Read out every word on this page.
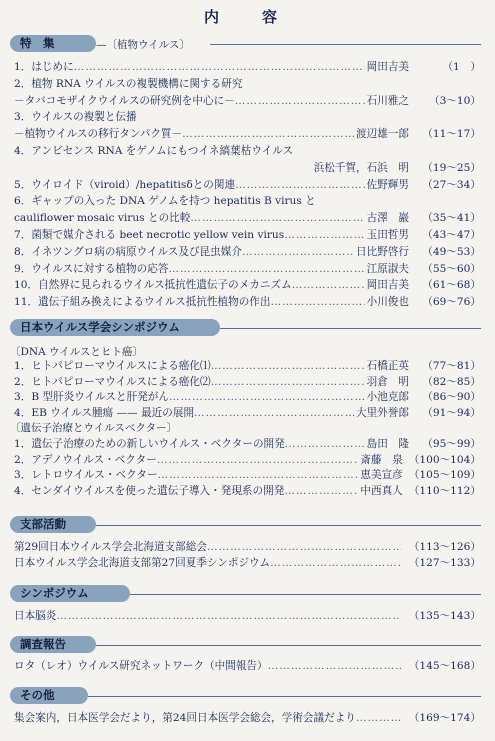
内　容
特　集	—〔植物ウイルス〕
1．はじめに ………………………………………………………………………………………………………………………………………………………………	岡田吉美	（1　）
2．植物 RNA ウイルスの複製機構に関する研究
－タバコモザイクウイルスの研究例を中心に－ ………………………………………………………………………………………………………………………………………………………………	石川雅之	（3～10）
3．ウイルスの複製と伝播
－植物ウイルスの移行タンパク質－ ………………………………………………………………………………………………………………………………………………………………	渡辺雄一郎	（11～17）
4．アンビセンス RNA をゲノムにもつイネ縞葉枯ウイルス
浜松千賀，石浜　明	（19～25）
5．ウイロイド（viroid）/hepatitisδとの関連 ………………………………………………………………………………………………………………………………………………………………	佐野輝男	（27～34）
6．ギャップの入った DNA ゲノムを持つ hepatitis B virus と
cauliflower mosaic virus との比較 ………………………………………………………………………………………………………………………………………………………………	古澤　巖	（35～41）
7．菌類で媒介される beet necrotic yellow vein virus ………………………………………………………………………………………………………………………………………………………………	玉田哲男	（43～47）
8．イネツングロ病の病原ウイルス及び昆虫媒介 ………………………………………………………………………………………………………………………………………………………………	日比野啓行	（49～53）
9．ウイルスに対する植物の応答 ………………………………………………………………………………………………………………………………………………………………	江原淑夫	（55～60）
10．自然界に見られるウイルス抵抗性遺伝子のメカニズム ………………………………………………………………………………………………………………………………………………………………	岡田吉美	（61～68）
11．遺伝子組み換えによるウイルス抵抗性植物の作出 ………………………………………………………………………………………………………………………………………………………………	小川俊也	（69～76）
日本ウイルス学会シンポジウム
〔DNA ウイルスとヒト癌〕
1．ヒトパピローマウイルスによる癌化⑴ ………………………………………………………………………………………………………………………………………………………………	石橋正英	（77～81）
2．ヒトパピローマウイルスによる癌化⑵ ………………………………………………………………………………………………………………………………………………………………	羽倉　明	（82～85）
3．B 型肝炎ウイルスと肝発がん ………………………………………………………………………………………………………………………………………………………………	小池克郎	（86～90）
4．EB ウイルス腫瘍 —— 最近の展開 ………………………………………………………………………………………………………………………………………………………………	大里外誉郎	（91～94）
〔遺伝子治療とウイルスベクター〕
1．遺伝子治療のための新しいウイルス・ベクターの開発 ………………………………………………………………………………………………………………………………………………………………	島田　隆	（95～99）
2．アデノウイルス・ベクター ………………………………………………………………………………………………………………………………………………………………	斎藤　泉 （100～104）
3．レトロウイルス・ベクター ………………………………………………………………………………………………………………………………………………………………	恵美宣彦 （105～109）
4．センダイウイルスを使った遺伝子導入・発現系の開発 ………………………………………………………………………………………………………………………………………………………………	中西真人 （110～112）
支部活動
第29回日本ウイルス学会北海道支部総会 ………………………………………………………………………………………………………………………………………………………………	（113～126）
日本ウイルス学会北海道支部第27回夏季シンポジウム ………………………………………………………………………………………………………………………………………………………………	（127～133）
シンポジウム
日本脳炎 ………………………………………………………………………………………………………………………………………………………………	（135～143）
調査報告
ロタ（レオ）ウイルス研究ネットワーク（中間報告） ………………………………………………………………………………………………………………………………………………………………	（145～168）
その他
集会案内，日本医学会だより，第24回日本医学会総会，学術会議だより ………………………………………………………………………………………………………………………………………………………………	（169～174）
